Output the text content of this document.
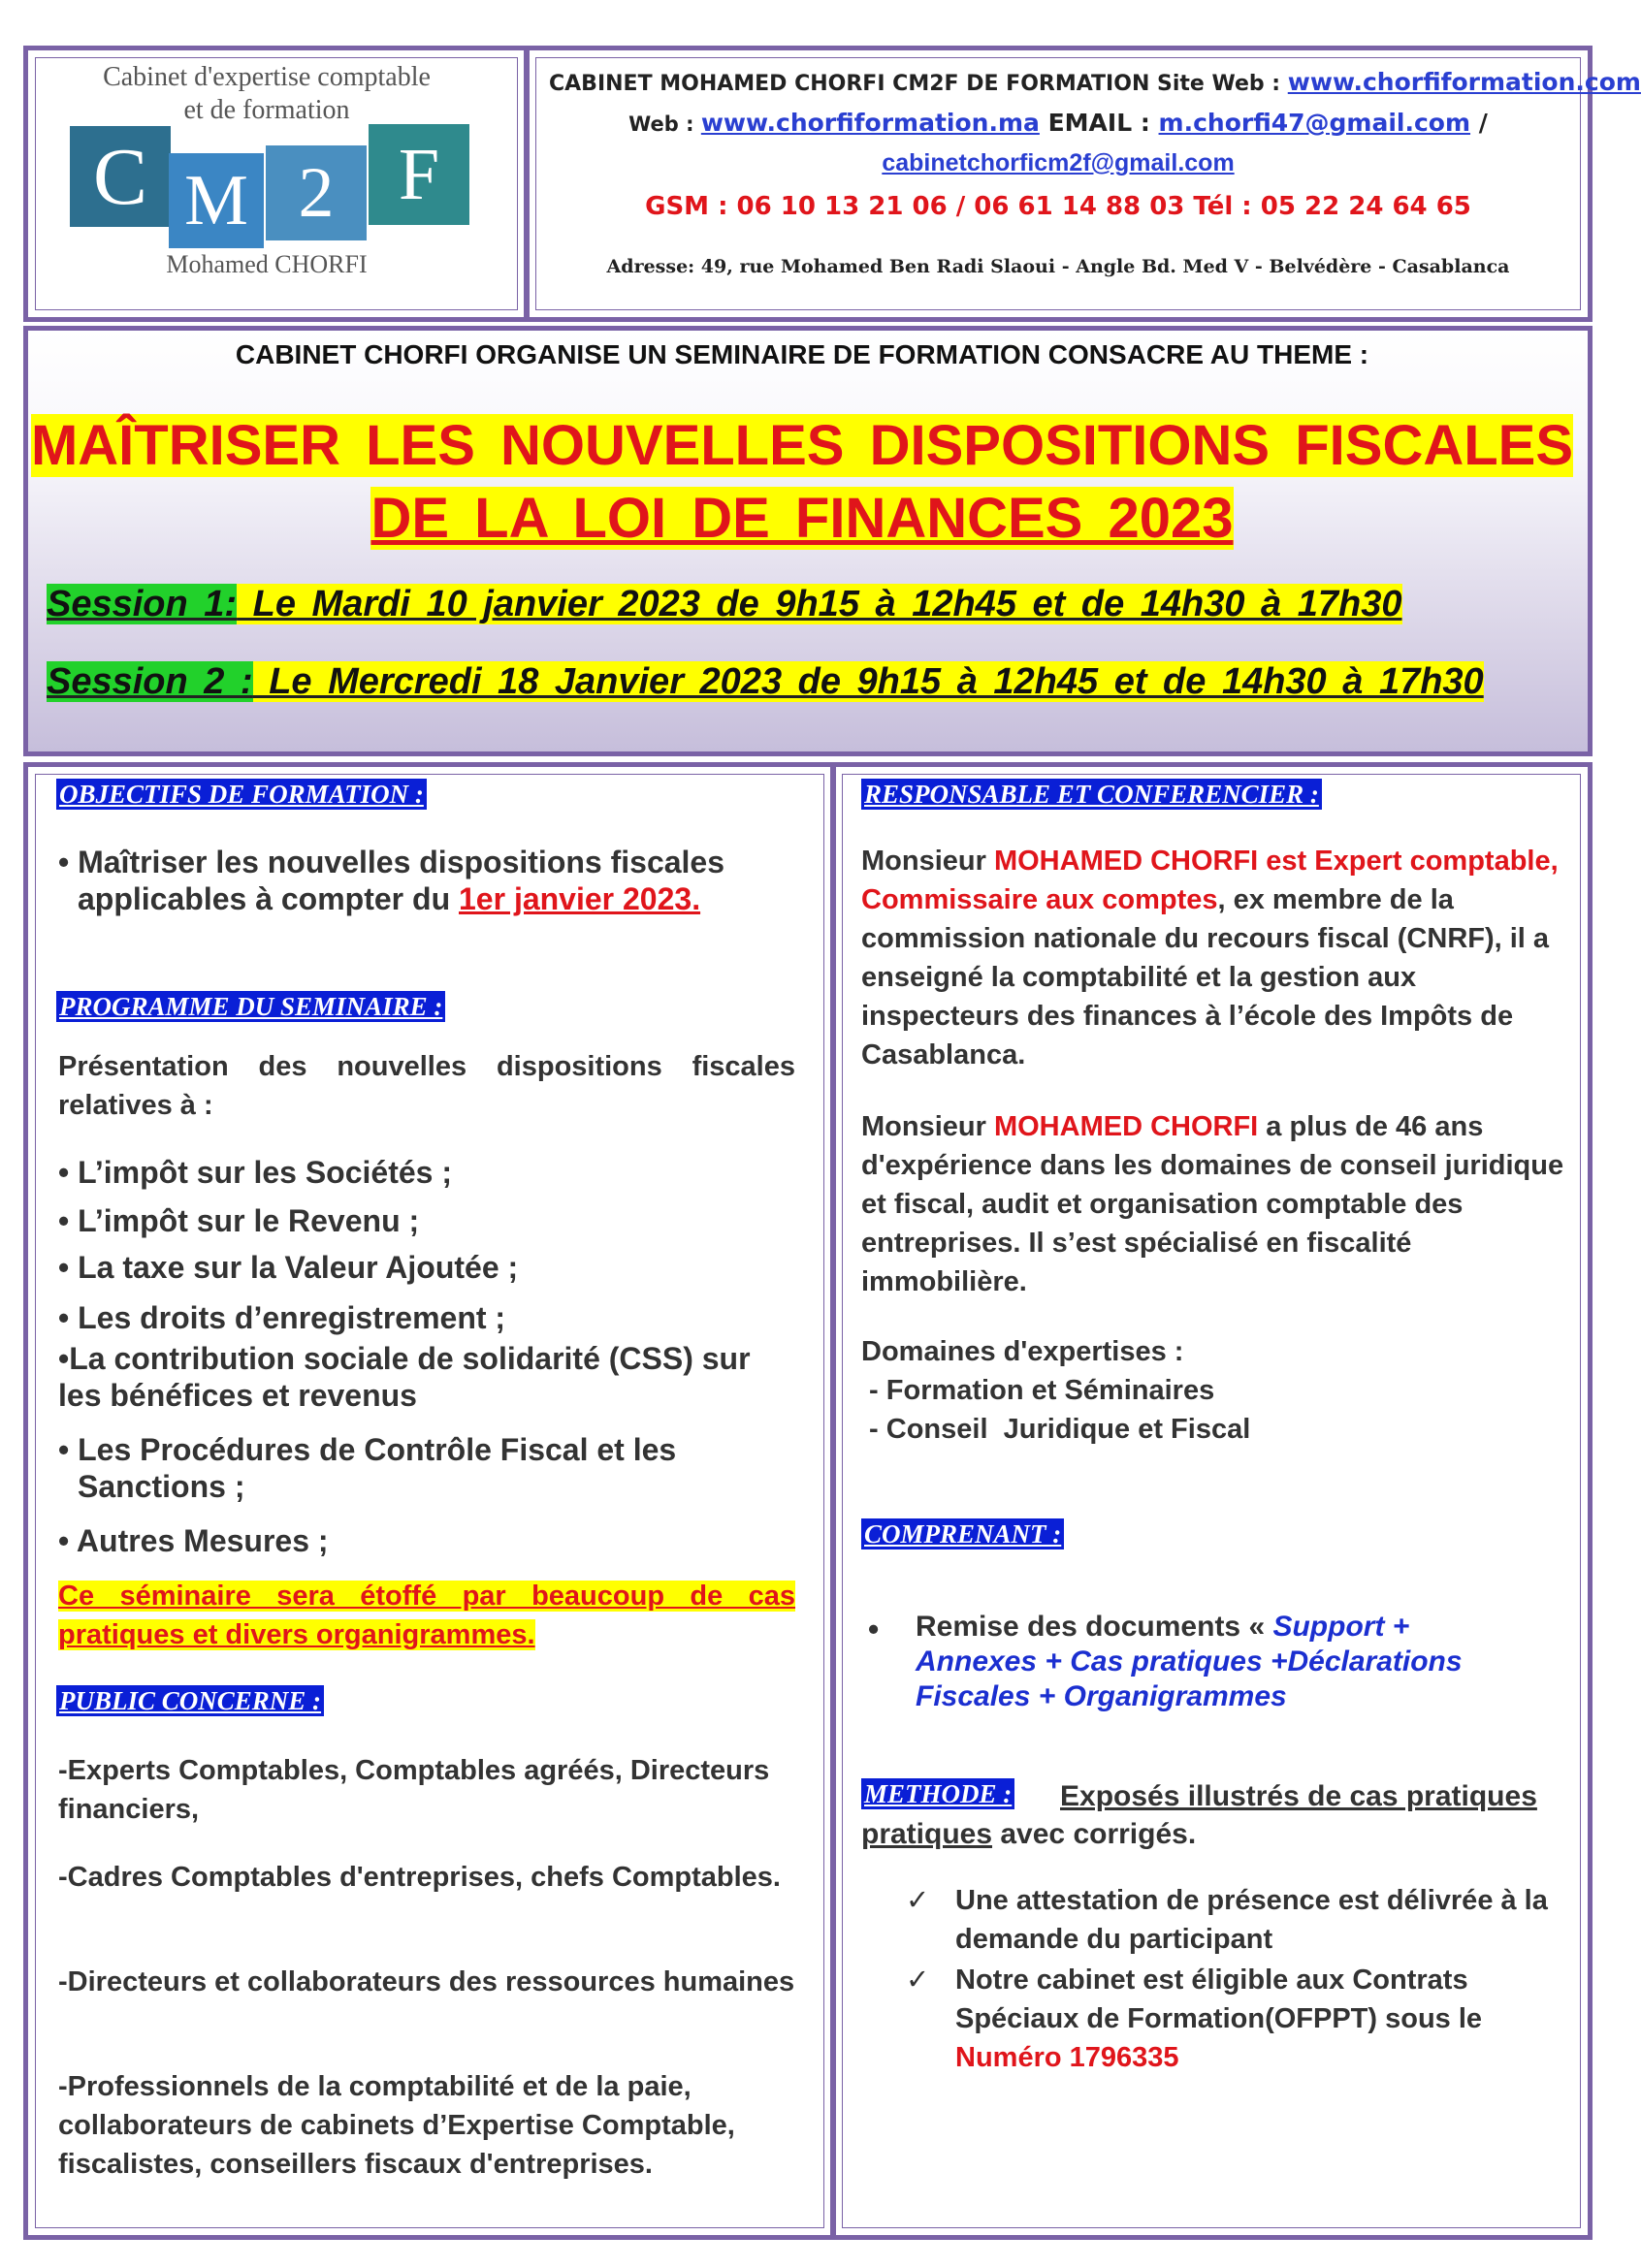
Cabinet d'expertise comptable
et de formation
C M 2 F
Mohamed CHORFI
CABINET MOHAMED CHORFI CM2F DE FORMATION Site Web : www.chorfiformation.com
Web : www.chorfiformation.ma EMAIL : m.chorfi47@gmail.com /
cabinetchorficm2f@gmail.com
GSM : 06 10 13 21 06 / 06 61 14 88 03 Tél : 05 22 24 64 65
Adresse: 49, rue Mohamed Ben Radi Slaoui - Angle Bd. Med V - Belvédère - Casablanca
CABINET CHORFI ORGANISE UN SEMINAIRE DE FORMATION CONSACRE AU THEME :
MAÎTRISER LES NOUVELLES DISPOSITIONS FISCALES
DE LA LOI DE FINANCES 2023
Session 1: Le Mardi 10 janvier 2023 de 9h15 à 12h45 et de 14h30 à 17h30
Session 2 : Le Mercredi 18 Janvier 2023 de 9h15 à 12h45 et de 14h30 à 17h30
OBJECTIFS DE FORMATION :
• Maîtriser les nouvelles dispositions fiscales
applicables à compter du 1er janvier 2023.
PROGRAMME DU SEMINAIRE :
Présentation des nouvelles dispositions fiscales relatives à :
• L’impôt sur les Sociétés ;
• L’impôt sur le Revenu ;
• La taxe sur la Valeur Ajoutée ;
• Les droits d’enregistrement ;
•La contribution sociale de solidarité (CSS) sur les bénéfices et revenus
• Les Procédures de Contrôle Fiscal et les
Sanctions ;
• Autres Mesures ;
Ce séminaire sera étoffé par beaucoup de cas pratiques et divers organigrammes.
PUBLIC CONCERNE :
-Experts Comptables, Comptables agréés, Directeurs financiers,
-Cadres Comptables d'entreprises, chefs Comptables.
-Directeurs et collaborateurs des ressources humaines
-Professionnels de la comptabilité et de la paie, collaborateurs de cabinets d’Expertise Comptable, fiscalistes, conseillers fiscaux d'entreprises.
RESPONSABLE ET CONFERENCIER :
Monsieur MOHAMED CHORFI est Expert comptable, Commissaire aux comptes, ex membre de la commission nationale du recours fiscal (CNRF), il a enseigné la comptabilité et la gestion aux inspecteurs des finances à l’école des Impôts de Casablanca.
Monsieur MOHAMED CHORFI a plus de 46 ans d'expérience dans les domaines de conseil juridique et fiscal, audit et organisation comptable des entreprises. Il s’est spécialisé en fiscalité immobilière.
Domaines d'expertises :
- Formation et Séminaires
- Conseil  Juridique et Fiscal
COMPRENANT :
•	Remise des documents « Support + Annexes + Cas pratiques +Déclarations Fiscales + Organigrammes
METHODE : Exposés illustrés de cas pratiques
pratiques avec corrigés.
✓ Une attestation de présence est délivrée à la demande du participant
✓ Notre cabinet est éligible aux Contrats Spéciaux de Formation(OFPPT) sous le
Numéro 1796335
